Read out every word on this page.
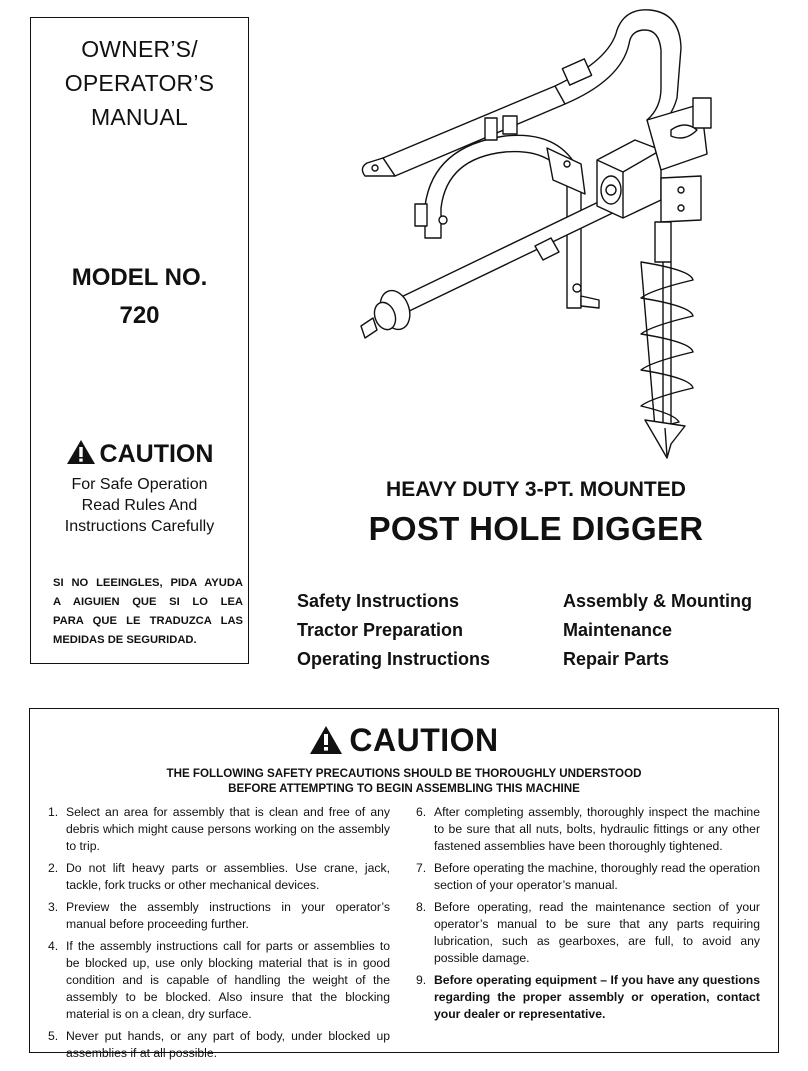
OWNER’S/
OPERATOR’S
MANUAL
MODEL NO.
720
CAUTION
For Safe Operation
Read Rules And
Instructions Carefully
SI NO LEEINGLES, PIDA AYUDA
A AIGUIEN QUE SI LO LEA
PARA QUE LE TRADUZCA LAS
MEDIDAS DE SEGURIDAD.
HEAVY DUTY 3-PT. MOUNTED
POST HOLE DIGGER
Safety Instructions
Tractor Preparation
Operating Instructions
Assembly & Mounting
Maintenance
Repair Parts
CAUTION
THE FOLLOWING SAFETY PRECAUTIONS SHOULD BE THOROUGHLY UNDERSTOOD
BEFORE ATTEMPTING TO BEGIN ASSEMBLING THIS MACHINE
1. Select an area for assembly that is clean and free of any debris which might cause persons working on the assembly to trip.
2. Do not lift heavy parts or assemblies. Use crane, jack, tackle, fork trucks or other mechanical devices.
3. Preview the assembly instructions in your operator’s manual before proceeding further.
4. If the assembly instructions call for parts or assemblies to be blocked up, use only blocking material that is in good condition and is capable of handling the weight of the assembly to be blocked. Also insure that the blocking material is on a clean, dry surface.
5. Never put hands, or any part of body, under blocked up assemblies if at all possible.
6. After completing assembly, thoroughly inspect the machine to be sure that all nuts, bolts, hydraulic fittings or any other fastened assemblies have been thoroughly tightened.
7. Before operating the machine, thoroughly read the operation section of your operator’s manual.
8. Before operating, read the maintenance section of your operator’s manual to be sure that any parts requiring lubrication, such as gearboxes, are full, to avoid any possible damage.
9. Before operating equipment – If you have any questions regarding the proper assembly or operation, contact your dealer or representative.
